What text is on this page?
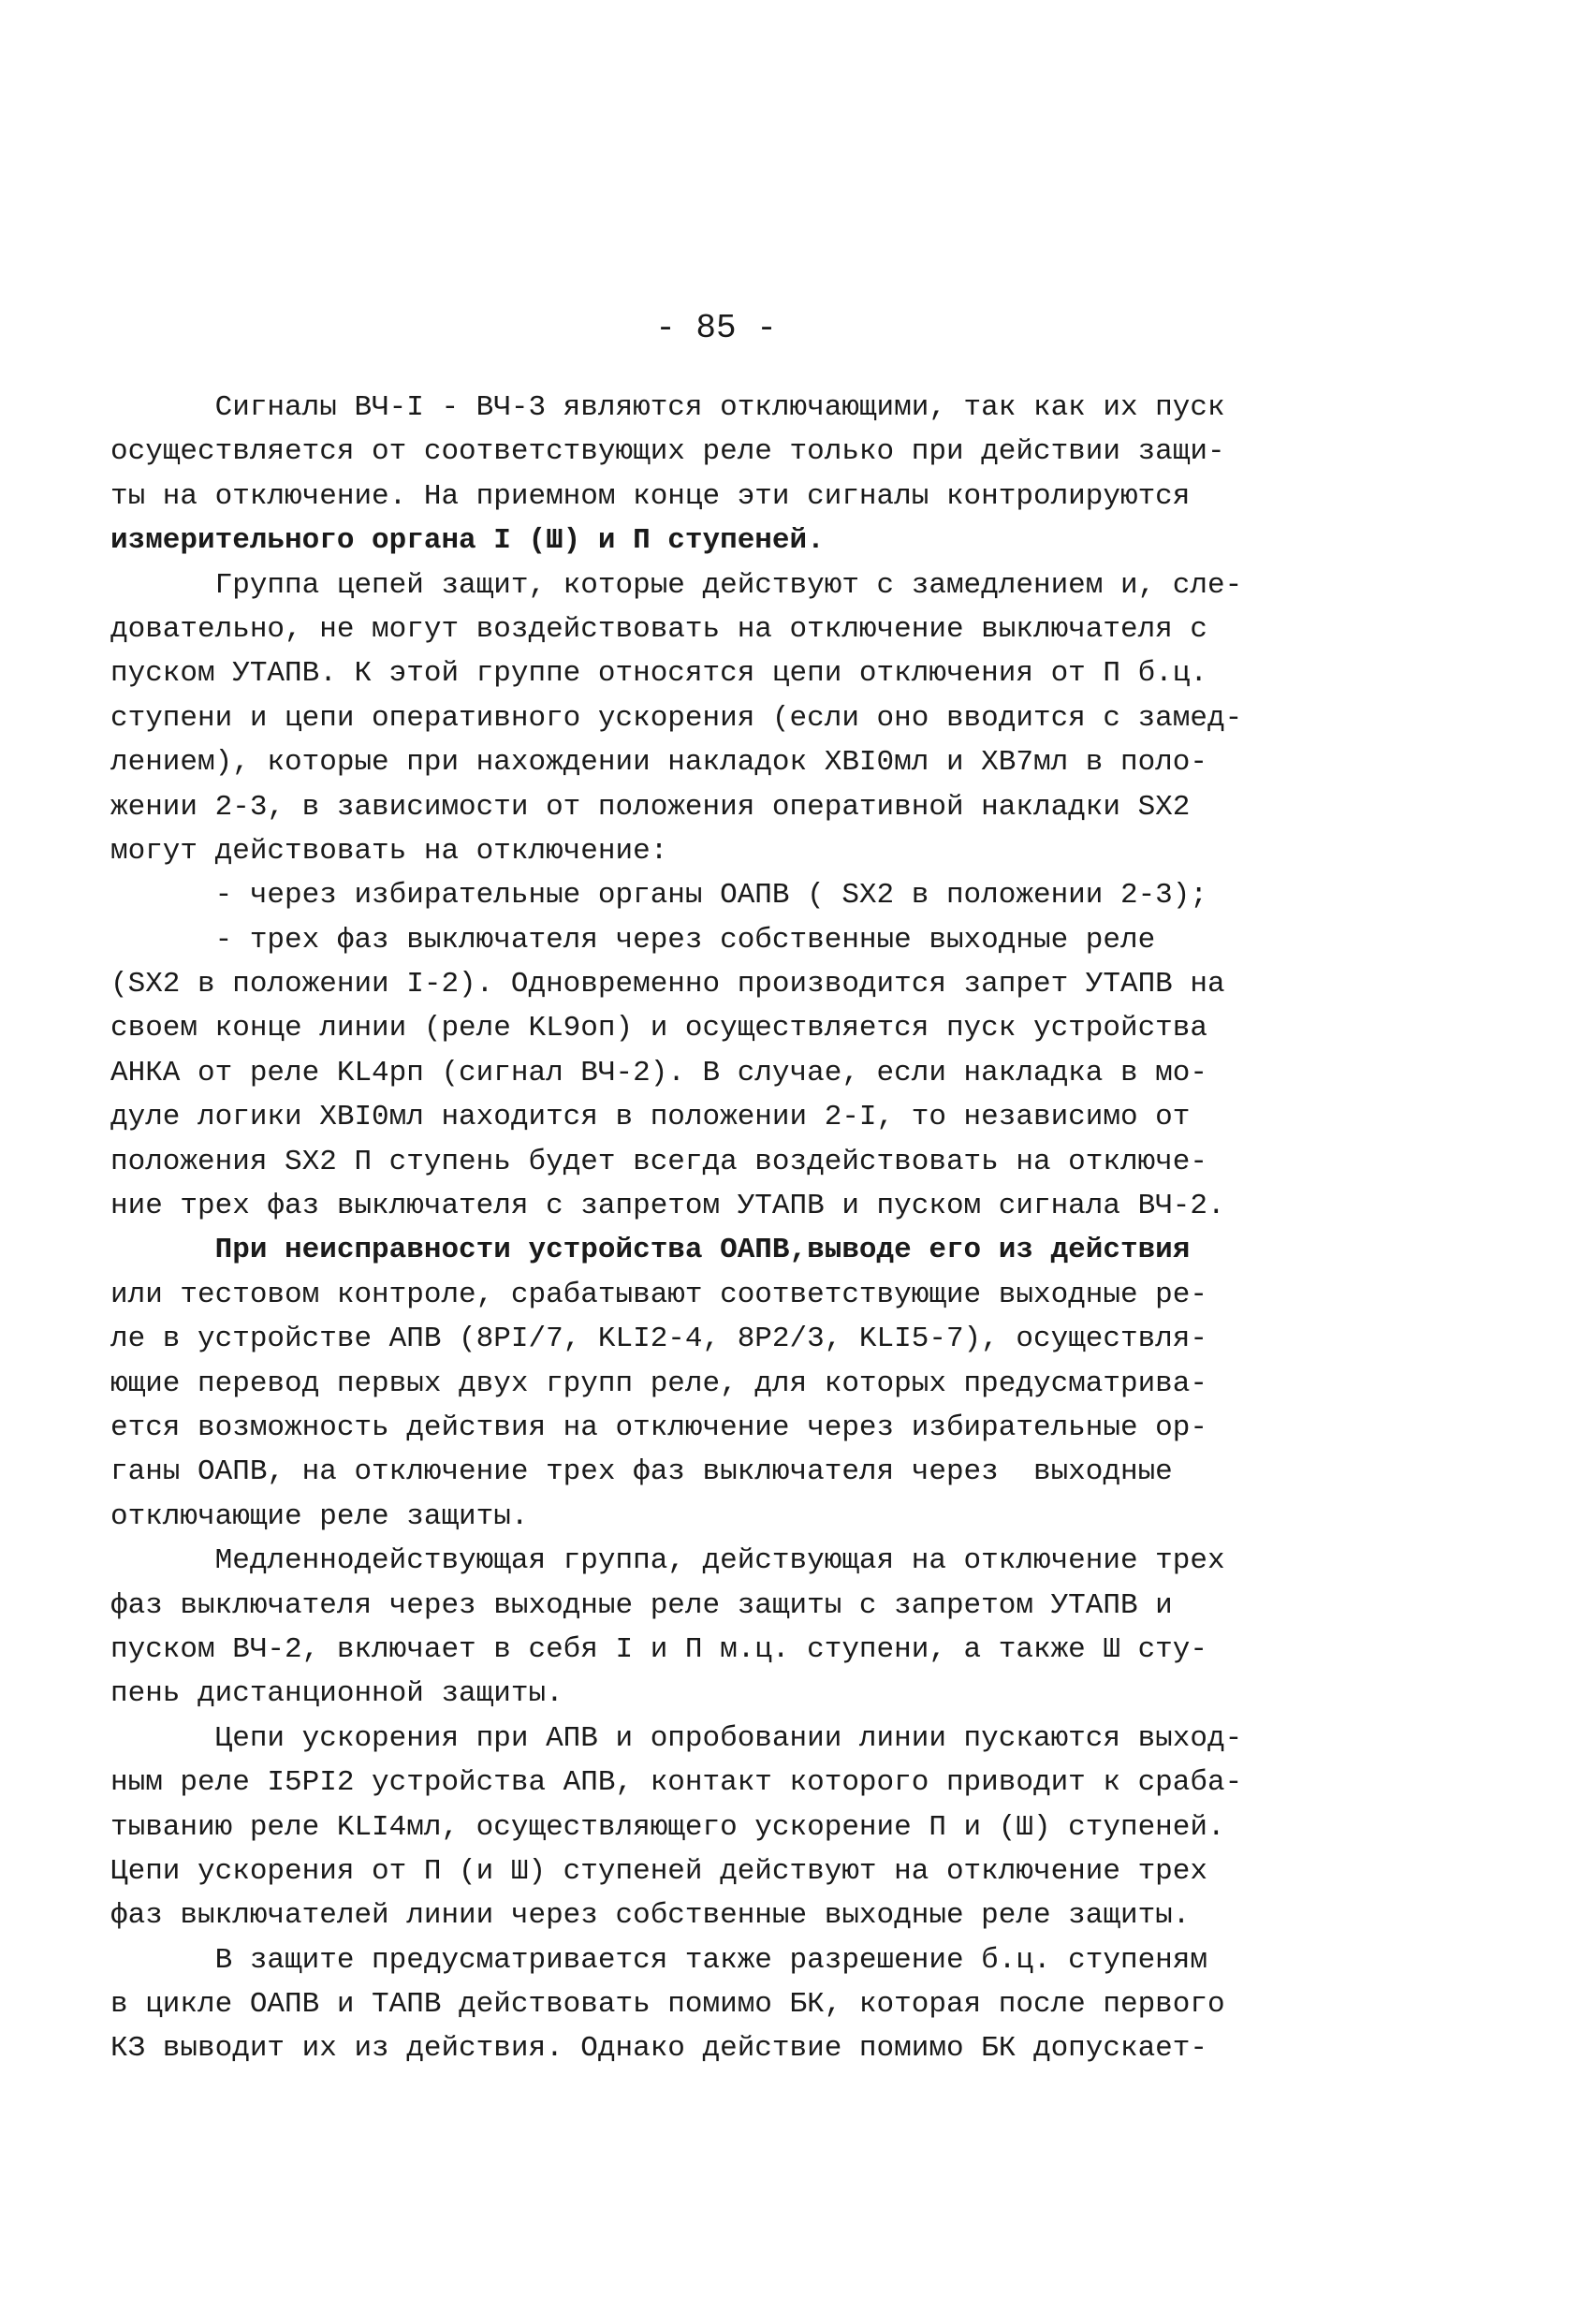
- 85 -
Сигналы ВЧ-I - ВЧ-3 являются отключающими, так как их пуск
осуществляется от соответствующих реле только при действии защи-
ты на отключение. На приемном конце эти сигналы контролируются
измерительного органа I (Ш) и П ступеней.
Группа цепей защит, которые действуют с замедлением и, сле-
довательно, не могут воздействовать на отключение выключателя с
пуском УТАПВ. К этой группе относятся цепи отключения от П б.ц.
ступени и цепи оперативного ускорения (если оно вводится с замед-
лением), которые при нахождении накладок XBI0мл и XB7мл в поло-
жении 2-3, в зависимости от положения оперативной накладки SX2
могут действовать на отключение:
- через избирательные органы ОАПВ ( SX2 в положении 2-3);
- трех фаз выключателя через собственные выходные реле
(SX2 в положении I-2). Одновременно производится запрет УТАПВ на
своем конце линии (реле KL9оп) и осуществляется пуск устройства
АНКА от реле KL4рп (сигнал ВЧ-2). В случае, если накладка в мо-
дуле логики XBI0мл находится в положении 2-I, то независимо от
положения SX2 П ступень будет всегда воздействовать на отключе-
ние трех фаз выключателя с запретом УТАПВ и пуском сигнала ВЧ-2.
При неисправности устройства ОАПВ,выводе его из действия
или тестовом контроле, срабатывают соответствующие выходные ре-
ле в устройстве АПВ (8PI/7, KLI2-4, 8P2/3, KLI5-7), осуществля-
ющие перевод первых двух групп реле, для которых предусматрива-
ется возможность действия на отключение через избирательные ор-
ганы ОАПВ, на отключение трех фаз выключателя через  выходные
отключающие реле защиты.
Медленнодействующая группа, действующая на отключение трех
фаз выключателя через выходные реле защиты с запретом УТАПВ и
пуском ВЧ-2, включает в себя I и П м.ц. ступени, а также Ш сту-
пень дистанционной защиты.
Цепи ускорения при АПВ и опробовании линии пускаются выход-
ным реле I5PI2 устройства АПВ, контакт которого приводит к сраба-
тыванию реле KLI4мл, осуществляющего ускорение П и (Ш) ступеней.
Цепи ускорения от П (и Ш) ступеней действуют на отключение трех
фаз выключателей линии через собственные выходные реле защиты.
В защите предусматривается также разрешение б.ц. ступеням
в цикле ОАПВ и ТАПВ действовать помимо БК, которая после первого
КЗ выводит их из действия. Однако действие помимо БК допускает-
